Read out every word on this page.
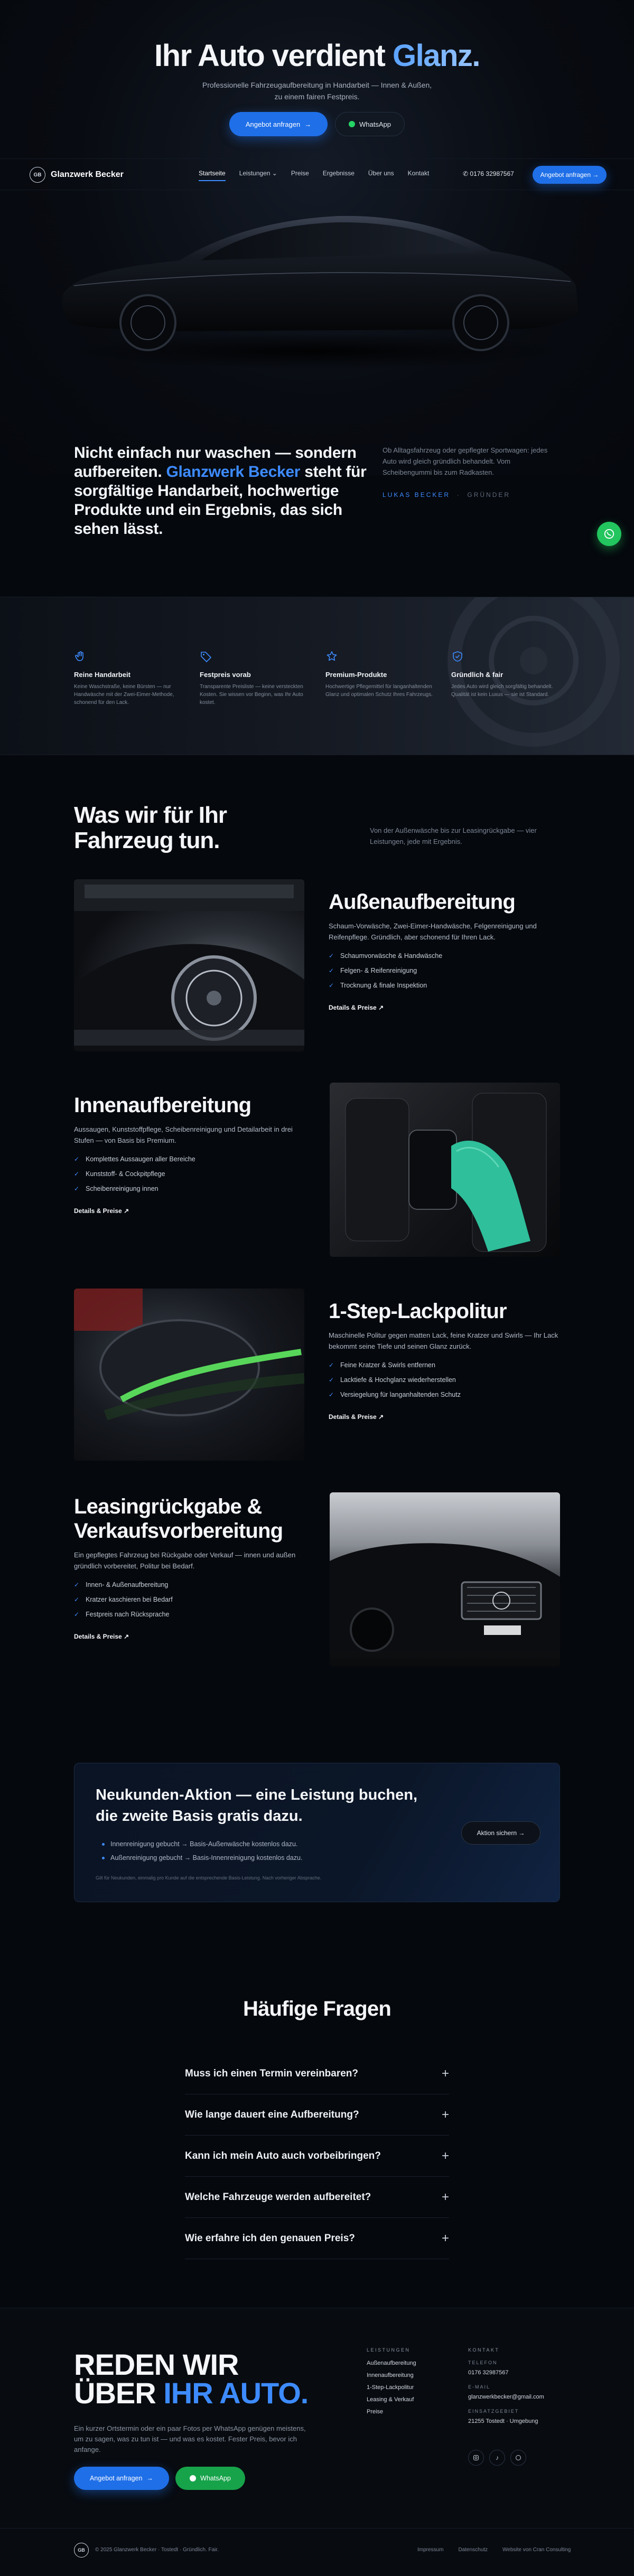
Ihr Auto verdient Glanz.
Professionelle Fahrzeugaufbereitung in Handarbeit — Innen & Außen,
zu einem fairen Festpreis.
Angebot anfragen →	WhatsApp
GB	Glanzwerk Becker	Startseite Leistungen ⌄ Preise Ergebnisse Über uns Kontakt	✆ 0176 32987567	Angebot anfragen →

Nicht einfach nur waschen — sondern aufbereiten. Glanzwerk Becker steht für sorgfältige Handarbeit, hochwertige Produkte und ein Ergebnis, das sich sehen lässt.

Ob Alltagsfahrzeug oder gepflegter Sportwagen: jedes Auto wird gleich gründlich behandelt. Vom Scheibengummi bis zum Radkasten.

LUKAS BECKER · GRÜNDER
Reine Handarbeit

Keine Waschstraße, keine Bürsten — nur Handwäsche mit der Zwei-Eimer-Methode, schonend für den Lack.

Festpreis vorab

Transparente Preisliste — keine versteckten Kosten. Sie wissen vor Beginn, was Ihr Auto kostet.

Premium-Produkte

Hochwertige Pflegemittel für langanhaltenden Glanz und optimalen Schutz Ihres Fahrzeugs.

Gründlich & fair

Jedes Auto wird gleich sorgfältig behandelt. Qualität ist kein Luxus — sie ist Standard.

Was wir für Ihr
Fahrzeug tun.	Von der Außenwäsche bis zur Leasingrückgabe — vier Leistungen, jede mit Ergebnis.

Außenaufbereitung

Schaum-Vorwäsche, Zwei-Eimer-Handwäsche, Felgenreinigung und Reifenpflege. Gründlich, aber schonend für Ihren Lack.

✓ Schaumvorwäsche & Handwäsche
✓ Felgen- & Reifenreinigung
✓ Trocknung & finale Inspektion
Details & Preise ↗
Innenaufbereitung

Aussaugen, Kunststoffpflege, Scheibenreinigung und Detailarbeit in drei Stufen — von Basis bis Premium.

✓ Komplettes Aussaugen aller Bereiche
✓ Kunststoff- & Cockpitpflege
✓ Scheibenreinigung innen
Details & Preise ↗
1-Step-Lackpolitur

Maschinelle Politur gegen matten Lack, feine Kratzer und Swirls — Ihr Lack bekommt seine Tiefe und seinen Glanz zurück.

✓ Feine Kratzer & Swirls entfernen
✓ Lacktiefe & Hochglanz wiederherstellen
✓ Versiegelung für langanhaltenden Schutz
Details & Preise ↗
Leasingrückgabe &
Verkaufsvorbereitung

Ein gepflegtes Fahrzeug bei Rückgabe oder Verkauf — innen und außen gründlich vorbereitet, Politur bei Bedarf.

✓ Innen- & Außenaufbereitung
✓ Kratzer kaschieren bei Bedarf
✓ Festpreis nach Rücksprache
Details & Preise ↗
Neukunden-Aktion — eine Leistung buchen,
die zweite Basis gratis dazu.
Innenreinigung gebucht → Basis-Außenwäsche kostenlos dazu.
Außenreinigung gebucht → Basis-Innenreinigung kostenlos dazu.
Gilt für Neukunden, einmalig pro Kunde auf die entsprechende Basis-Leistung. Nach vorheriger Absprache.
Aktion sichern →
Häufige Fragen
Muss ich einen Termin vereinbaren?	+
Wie lange dauert eine Aufbereitung?	+
Kann ich mein Auto auch vorbeibringen?	+
Welche Fahrzeuge werden aufbereitet?	+
Wie erfahre ich den genauen Preis?	+
REDEN WIR
ÜBER IHR AUTO.

Ein kurzer Ortstermin oder ein paar Fotos per WhatsApp genügen meistens, um zu sagen, was zu tun ist — und was es kostet. Fester Preis, bevor ich anfange.

Angebot anfragen →	WhatsApp
LEISTUNGEN
Außenaufbereitung
Innenaufbereitung
1-Step-Lackpolitur
Leasing & Verkauf
Preise
KONTAKT
TELEFON
0176 32987567
E-MAIL
glanzwerkbecker@gmail.com
EINSATZGEBIET
21255 Tostedt · Umgebung
♪
GB	© 2025 Glanzwerk Becker · Tostedt · Gründlich. Fair.	Impressum	Datenschutz	Website von Cran Consulting
